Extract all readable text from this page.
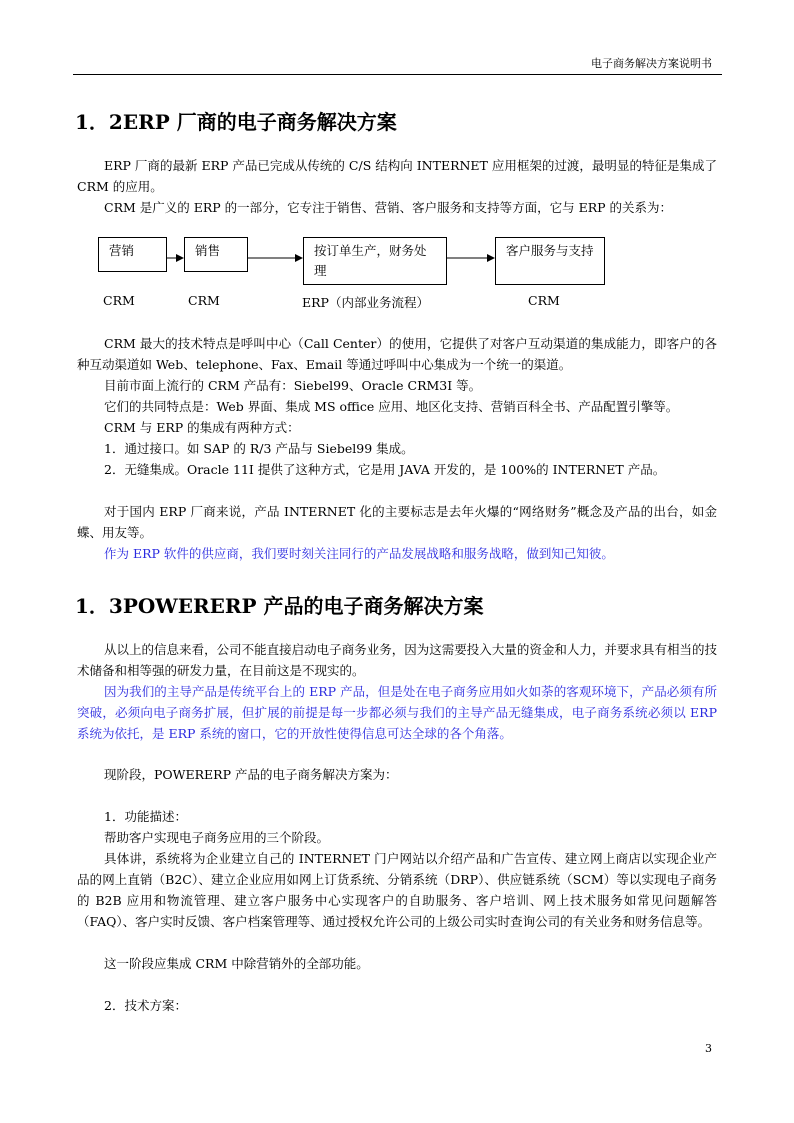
电子商务解决方案说明书
1．2ERP 厂商的电子商务解决方案
ERP 厂商的最新 ERP 产品已完成从传统的 C/S 结构向 INTERNET 应用框架的过渡，最明显的特征是集成了 CRM 的应用。
CRM 是广义的 ERP 的一部分，它专注于销售、营销、客户服务和支持等方面，它与 ERP 的关系为：
营销	销售	按订单生产，财务处理
客户服务与支持
CRM	CRM	ERP（内部业务流程）	CRM
CRM 最大的技术特点是呼叫中心（Call Center）的使用，它提供了对客户互动渠道的集成能力，即客户的各种互动渠道如 Web、telephone、Fax、Email 等通过呼叫中心集成为一个统一的渠道。
目前市面上流行的 CRM 产品有：Siebel99、Oracle CRM3I 等。
它们的共同特点是：Web 界面、集成 MS office 应用、地区化支持、营销百科全书、产品配置引擎等。
CRM 与 ERP 的集成有两种方式：
1．通过接口。如 SAP 的 R/3 产品与 Siebel99 集成。
2．无缝集成。Oracle 11I 提供了这种方式，它是用 JAVA 开发的，是 100%的 INTERNET 产品。
对于国内 ERP 厂商来说，产品 INTERNET 化的主要标志是去年火爆的“网络财务”概念及产品的出台，如金蝶、用友等。
作为 ERP 软件的供应商，我们要时刻关注同行的产品发展战略和服务战略，做到知己知彼。
1．3POWERERP 产品的电子商务解决方案
从以上的信息来看，公司不能直接启动电子商务业务，因为这需要投入大量的资金和人力，并要求具有相当的技术储备和相等强的研发力量，在目前这是不现实的。
因为我们的主导产品是传统平台上的 ERP 产品，但是处在电子商务应用如火如荼的客观环境下，产品必须有所突破，必须向电子商务扩展，但扩展的前提是每一步都必须与我们的主导产品无缝集成，电子商务系统必须以 ERP 系统为依托，是 ERP 系统的窗口，它的开放性使得信息可达全球的各个角落。
现阶段，POWERERP 产品的电子商务解决方案为：
1．功能描述：
帮助客户实现电子商务应用的三个阶段。
具体讲，系统将为企业建立自己的 INTERNET 门户网站以介绍产品和广告宣传、建立网上商店以实现企业产品的网上直销（B2C）、建立企业应用如网上订货系统、分销系统（DRP）、供应链系统（SCM）等以实现电子商务的 B2B 应用和物流管理、建立客户服务中心实现客户的自助服务、客户培训、网上技术服务如常见问题解答（FAQ）、客户实时反馈、客户档案管理等、通过授权允许公司的上级公司实时查询公司的有关业务和财务信息等。
这一阶段应集成 CRM 中除营销外的全部功能。
2．技术方案：
3
